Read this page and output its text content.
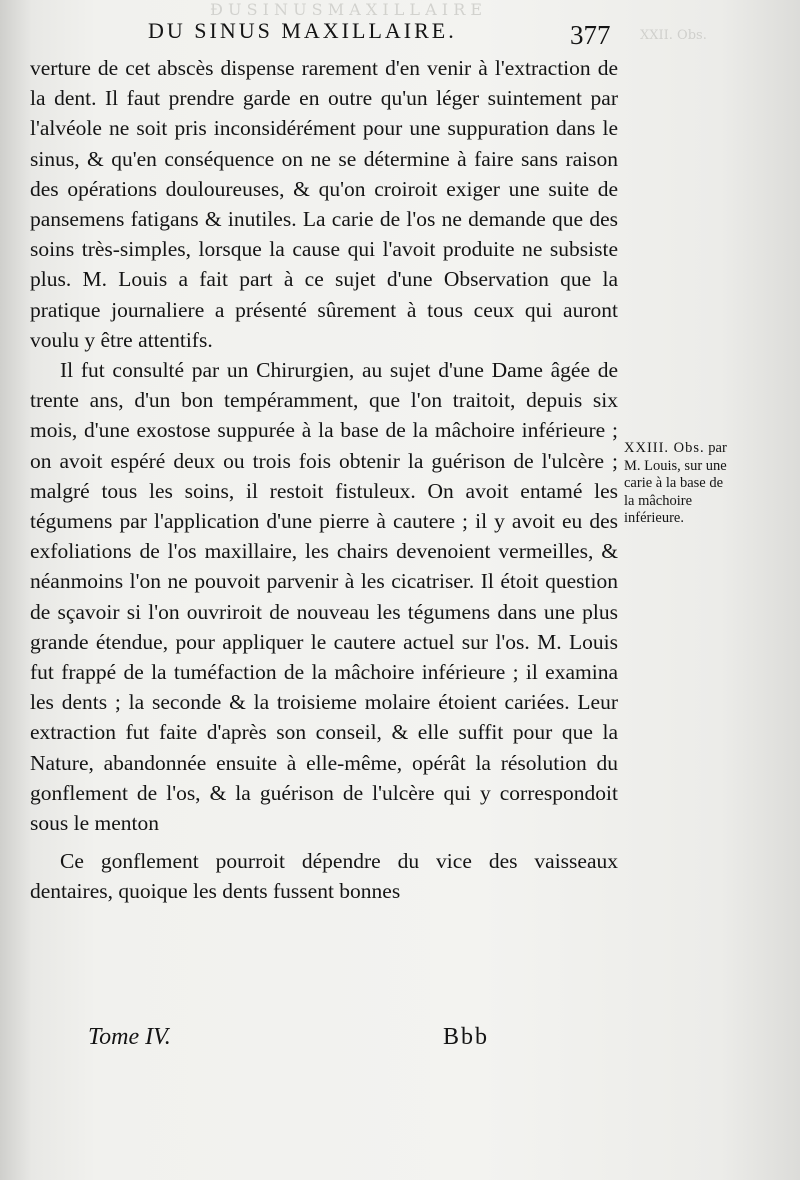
Ð U S I N U S M A X I L L A I R E
XXII. Obs.
DU SINUS MAXILLAIRE.	377

verture de cet abscès dispense rarement d'en venir à l'extraction de la dent. Il faut prendre garde en outre qu'un léger suintement par l'alvéole ne soit pris inconsidérément pour une suppuration dans le sinus, & qu'en conséquence on ne se détermine à faire sans raison des opérations douloureuses, & qu'on croiroit exiger une suite de pansemens fatigans & inutiles. La carie de l'os ne demande que des soins très-simples, lorsque la cause qui l'avoit produite ne subsiste plus. M. Louis a fait part à ce sujet d'une Observation que la pratique journaliere a présenté sûrement à tous ceux qui auront voulu y être attentifs.

Il fut consulté par un Chirurgien, au sujet d'une Dame âgée de trente ans, d'un bon tempéramment, que l'on traitoit, depuis six mois, d'une exostose suppurée à la base de la mâchoire inférieure ; on avoit espéré deux ou trois fois obtenir la guérison de l'ulcère ; malgré tous les soins, il restoit fistuleux. On avoit entamé les tégumens par l'application d'une pierre à cautere ; il y avoit eu des exfoliations de l'os maxillaire, les chairs devenoient vermeilles, & néanmoins l'on ne pouvoit parvenir à les cicatriser. Il étoit question de sçavoir si l'on ouvriroit de nouveau les tégumens dans une plus grande étendue, pour appliquer le cautere actuel sur l'os. M. Louis fut frappé de la tuméfaction de la mâchoire inférieure ; il examina les dents ; la seconde & la troisieme molaire étoient cariées. Leur extraction fut faite d'après son conseil, & elle suffit pour que la Nature, abandonnée ensuite à elle-même, opérât la résolution du gonflement de l'os, & la guérison de l'ulcère qui y correspondoit sous le menton

Ce gonflement pourroit dépendre du vice des vaisseaux dentaires, quoique les dents fussent bonnes

XXIII. Obs. par M. Louis, sur une carie à la base de la mâchoire inférieure.
Tome IV.	Bbb
